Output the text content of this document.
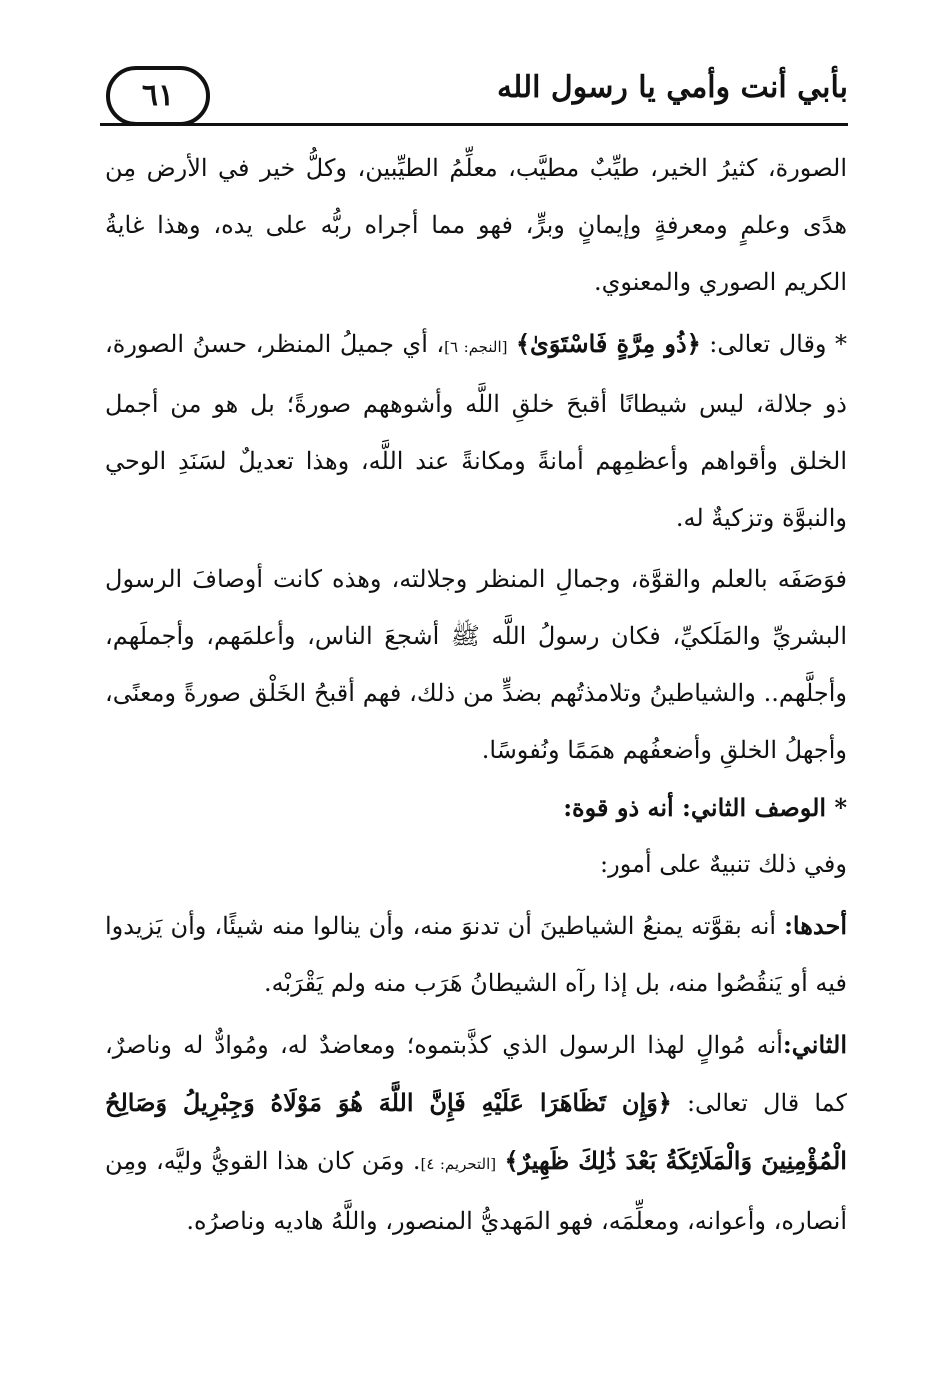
بأبي أنت وأمي يا رسول الله
٦١

الصورة، كثيرُ الخير، طيِّبٌ مطيَّب، معلِّمُ الطيِّبين، وكلُّ خير في الأرض مِن هدًى وعلمٍ ومعرفةٍ وإيمانٍ وبرٍّ، فهو مما أجراه ربُّه على يده، وهذا غايةُ الكريم الصوري والمعنوي.

* وقال تعالى: ﴿ذُو مِرَّةٍ فَاسْتَوَىٰ﴾ [النجم: ٦]، أي جميلُ المنظر، حسنُ الصورة، ذو جلالة، ليس شيطانًا أقبحَ خلقِ اللَّه وأشوههم صورةً؛ بل هو من أجمل الخلق وأقواهم وأعظمِهم أمانةً ومكانةً عند اللَّه، وهذا تعديلٌ لسَنَدِ الوحي والنبوَّة وتزكيةٌ له.

فوَصَفَه بالعلم والقوَّة، وجمالِ المنظر وجلالته، وهذه كانت أوصافَ الرسول البشريِّ والمَلَكيِّ، فكان رسولُ اللَّه ﷺ أشجعَ الناس، وأعلمَهم، وأجملَهم، وأجلَّهم.. والشياطينُ وتلامذتُهم بضدٍّ من ذلك، فهم أقبحُ الخَلْق صورةً ومعنًى، وأجهلُ الخلقِ وأضعفُهم همَمًا ونُفوسًا.

* الوصف الثاني: أنه ذو قوة:

وفي ذلك تنبيهٌ على أمور:

أحدها: أنه بقوَّته يمنعُ الشياطينَ أن تدنوَ منه، وأن ينالوا منه شيئًا، وأن يَزيدوا فيه أو يَنقُصُوا منه، بل إذا رآه الشيطانُ هَرَب منه ولم يَقْرَبْه.

الثاني:أنه مُوالٍ لهذا الرسول الذي كذَّبتموه؛ ومعاضدٌ له، ومُوادٌّ له وناصرٌ، كما قال تعالى: ﴿وَإِن تَظَاهَرَا عَلَيْهِ فَإِنَّ اللَّهَ هُوَ مَوْلَاهُ وَجِبْرِيلُ وَصَالِحُ الْمُؤْمِنِينَ وَالْمَلَائِكَةُ بَعْدَ ذَٰلِكَ ظَهِيرٌ﴾ [التحريم: ٤]. ومَن كان هذا القويُّ وليَّه، ومِن أنصاره، وأعوانه، ومعلِّمَه، فهو المَهديُّ المنصور، واللَّهُ هاديه وناصرُه.
